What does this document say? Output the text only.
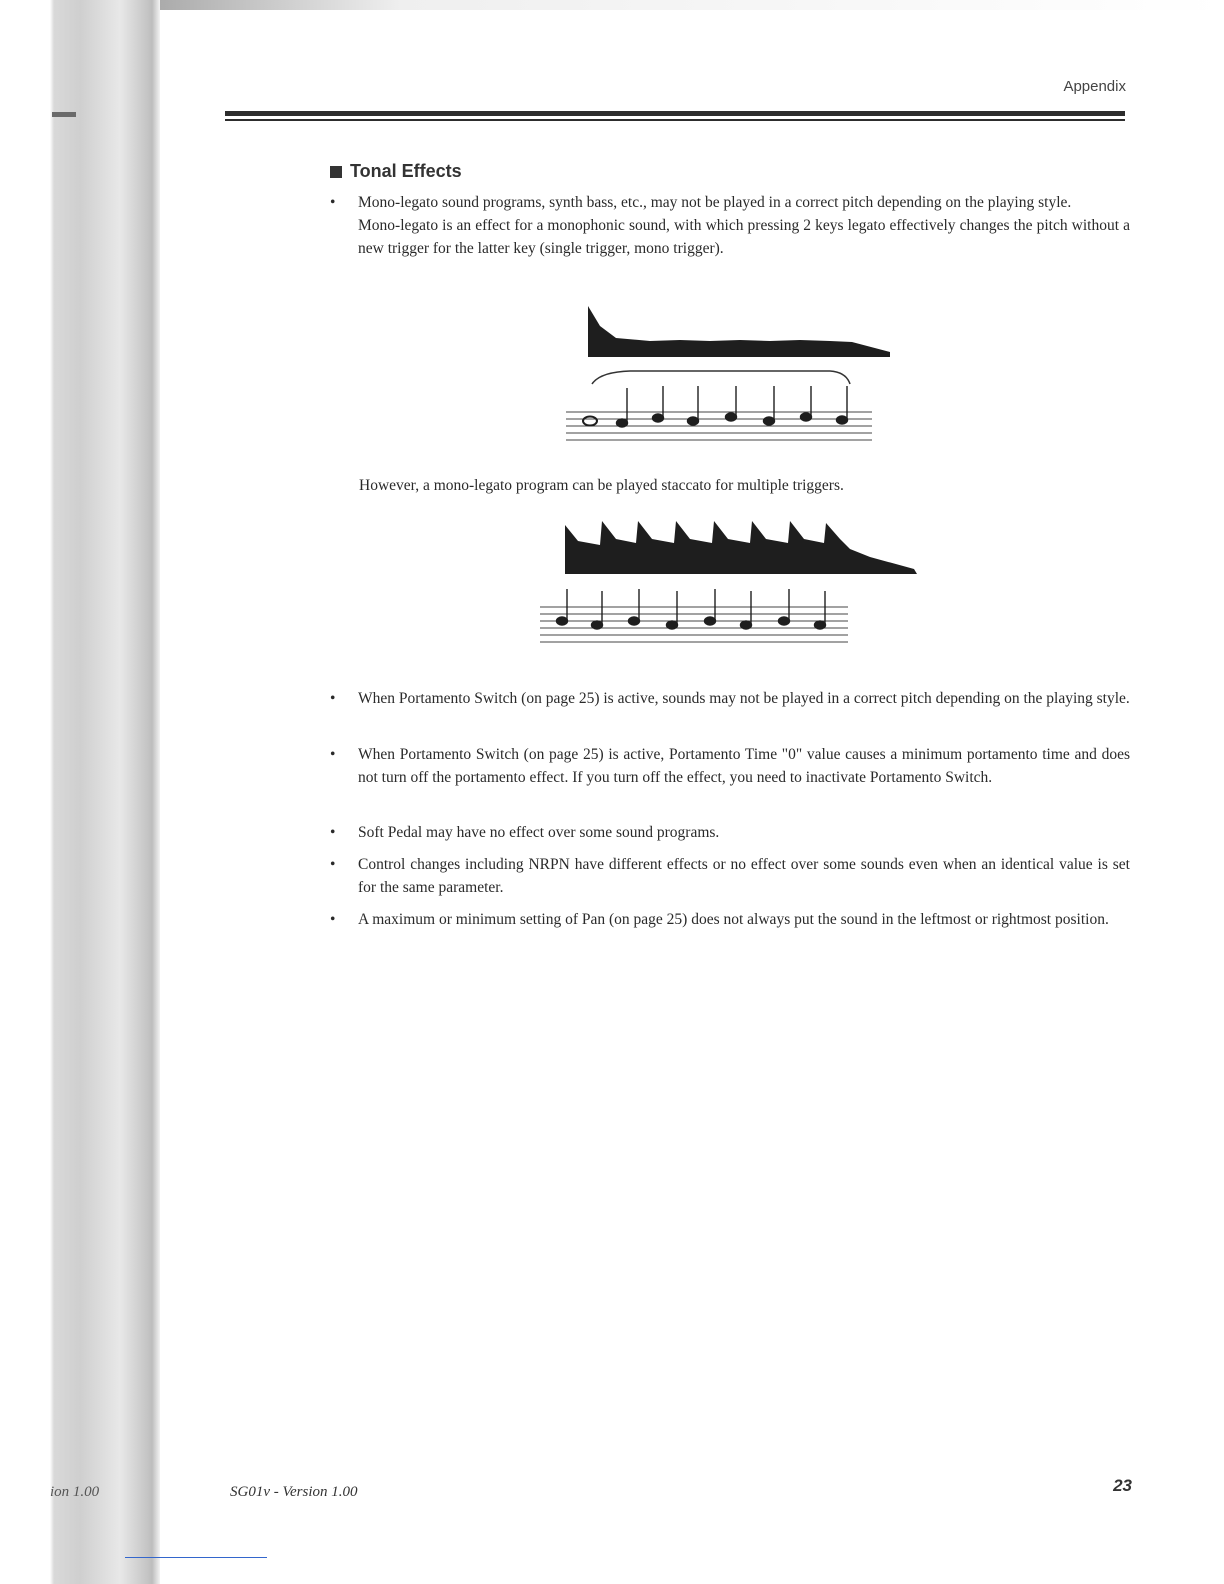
ion 1.00
Appendix
Tonal Effects
•	Mono-legato sound programs, synth bass, etc., may not be played in a correct pitch depending on the playing style.

Mono-legato is an effect for a monophonic sound, with which pressing 2 keys legato effectively changes the pitch without a new trigger for the latter key (single trigger, mono trigger).

However, a mono-legato program can be played staccato for multiple triggers.
•	When Portamento Switch (on page 25) is active, sounds may not be played in a correct pitch depending on the playing style.
•	When Portamento Switch (on page 25) is active, Portamento Time "0" value causes a minimum portamento time and does not turn off the portamento effect. If you turn off the effect, you need to inactivate Portamento Switch.
•	Soft Pedal may have no effect over some sound programs.
•	Control changes including NRPN have different effects or no effect over some sounds even when an identical value is set for the same parameter.
•	A maximum or minimum setting of Pan (on page 25) does not always put the sound in the leftmost or rightmost position.
SG01v - Version 1.00	23
